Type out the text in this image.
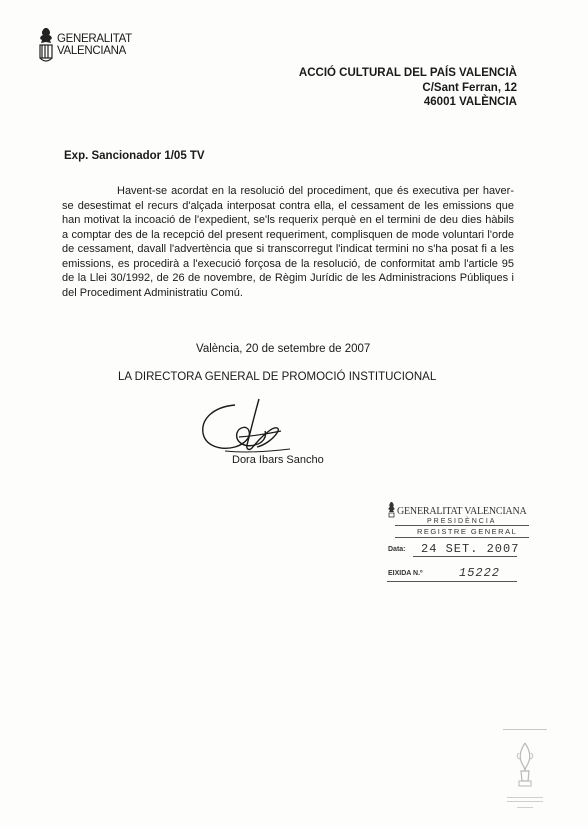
GENERALITAT
VALENCIANA
ACCIÓ CULTURAL DEL PAÍS VALENCIÀ
C/Sant Ferran, 12
46001 VALÈNCIA
Exp. Sancionador 1/05 TV

Havent-se acordat en la resolució del procediment, que és executiva per haver-se desestimat el recurs d'alçada interposat contra ella, el cessament de les emissions que han motivat la incoació de l'expedient, se'ls requerix perquè en el termini de deu dies hàbils a comptar des de la recepció del present requeriment, complisquen de mode voluntari l'orde de cessament, davall l'advertència que si transcorregut l'indicat termini no s'ha posat fi a les emissions, es procedirà a l'execució forçosa de la resolució, de conformitat amb l'article 95 de la Llei 30/1992, de 26 de novembre, de Règim Jurídic de les Administracions Públiques i del Procediment Administratiu Comú.

València, 20 de setembre de 2007
LA DIRECTORA GENERAL DE PROMOCIÓ INSTITUCIONAL
Dora Ibars Sancho
GENERALITAT VALENCIANA
PRESIDÈNCIA
REGISTRE GENERAL
Data: 24 SET. 2007
EIXIDA N.º	15222
